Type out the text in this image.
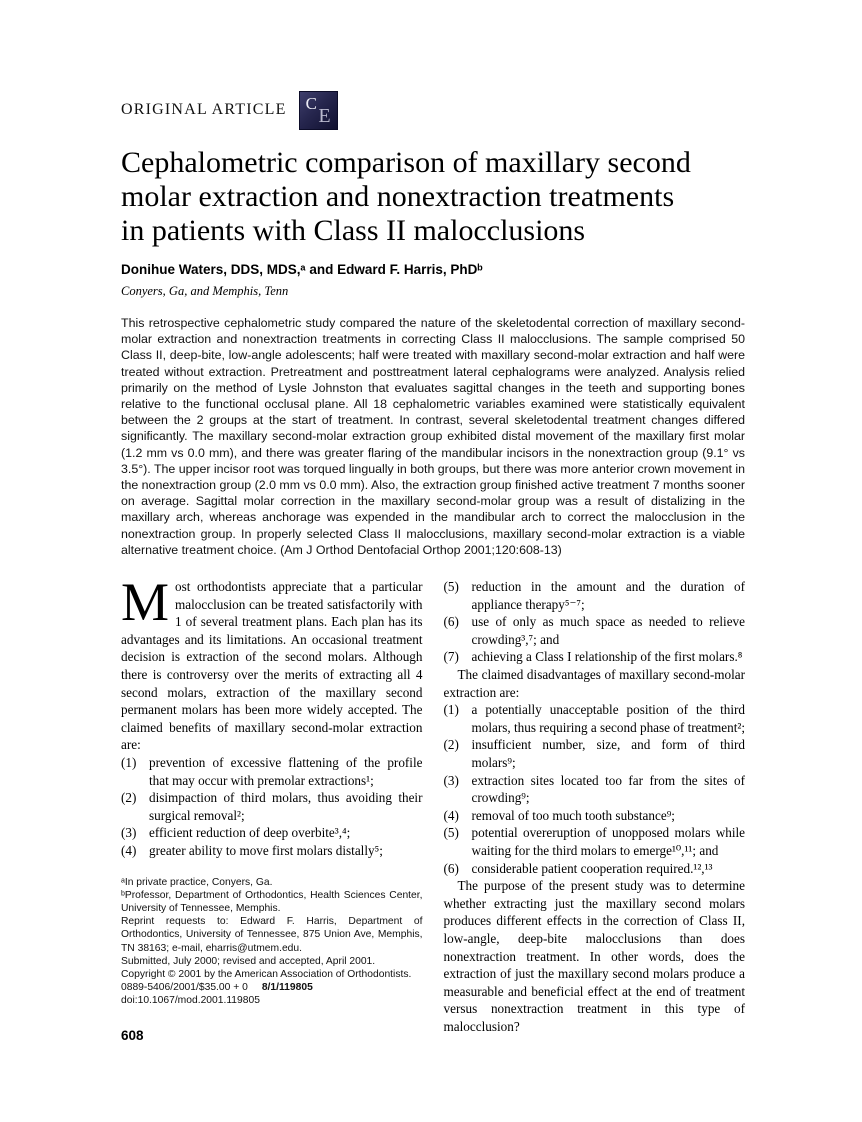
ORIGINAL ARTICLE C
E
Cephalometric comparison of maxillary second
molar extraction and nonextraction treatments
in patients with Class II malocclusions
Donihue Waters, DDS, MDS,ᵃ and Edward F. Harris, PhDᵇ
Conyers, Ga, and Memphis, Tenn

This retrospective cephalometric study compared the nature of the skeletodental correction of maxillary second-molar extraction and nonextraction treatments in correcting Class II malocclusions. The sample comprised 50 Class II, deep-bite, low-angle adolescents; half were treated with maxillary second-molar extraction and half were treated without extraction. Pretreatment and posttreatment lateral cephalograms were analyzed. Analysis relied primarily on the method of Lysle Johnston that evaluates sagittal changes in the teeth and supporting bones relative to the functional occlusal plane. All 18 cephalometric variables examined were statistically equivalent between the 2 groups at the start of treatment. In contrast, several skeletodental treatment changes differed significantly. The maxillary second-molar extraction group exhibited distal movement of the maxillary first molar (1.2 mm vs 0.0 mm), and there was greater flaring of the mandibular incisors in the nonextraction group (9.1° vs 3.5°). The upper incisor root was torqued lingually in both groups, but there was more anterior crown movement in the nonextraction group (2.0 mm vs 0.0 mm). Also, the extraction group finished active treatment 7 months sooner on average. Sagittal molar correction in the maxillary second-molar group was a result of distalizing in the maxillary arch, whereas anchorage was expended in the mandibular arch to correct the malocclusion in the nonextraction group. In properly selected Class II malocclusions, maxillary second-molar extraction is a viable alternative treatment choice. (Am J Orthod Dentofacial Orthop 2001;120:608-13)

Most orthodontists appreciate that a particular malocclusion can be treated satisfactorily with 1 of several treatment plans. Each plan has its advantages and its limitations. An occasional treatment decision is extraction of the second molars. Although there is controversy over the merits of extracting all 4 second molars, extraction of the maxillary second permanent molars has been more widely accepted. The claimed benefits of maxillary second-molar extraction are:

(1) prevention of excessive flattening of the profile that may occur with premolar extractions¹;
(2) disimpaction of third molars, thus avoiding their surgical removal²;
(3) efficient reduction of deep overbite³,⁴;
(4) greater ability to move first molars distally⁵;

ᵃIn private practice, Conyers, Ga.

ᵇProfessor, Department of Orthodontics, Health Sciences Center, University of Tennessee, Memphis.

Reprint requests to: Edward F. Harris, Department of Orthodontics, University of Tennessee, 875 Union Ave, Memphis, TN 38163; e-mail, eharris@utmem.edu.

Submitted, July 2000; revised and accepted, April 2001.

Copyright © 2001 by the American Association of Orthodontists.

0889-5406/2001/$35.00 + 0 8/1/119805

doi:10.1067/mod.2001.119805

(5) reduction in the amount and the duration of appliance therapy⁵⁻⁷;
(6) use of only as much space as needed to relieve crowding³,⁷; and
(7) achieving a Class I relationship of the first molars.⁸

The claimed disadvantages of maxillary second-molar extraction are:

(1) a potentially unacceptable position of the third molars, thus requiring a second phase of treatment²;
(2) insufficient number, size, and form of third molars⁹;
(3) extraction sites located too far from the sites of crowding⁹;
(4) removal of too much tooth substance⁹;
(5) potential overeruption of unopposed molars while waiting for the third molars to emerge¹⁰,¹¹; and
(6) considerable patient cooperation required.¹²,¹³

The purpose of the present study was to determine whether extracting just the maxillary second molars produces different effects in the correction of Class II, low-angle, deep-bite malocclusions than does nonextraction treatment. In other words, does the extraction of just the maxillary second molars produce a measurable and beneficial effect at the end of treatment versus nonextraction treatment in this type of malocclusion?

608
